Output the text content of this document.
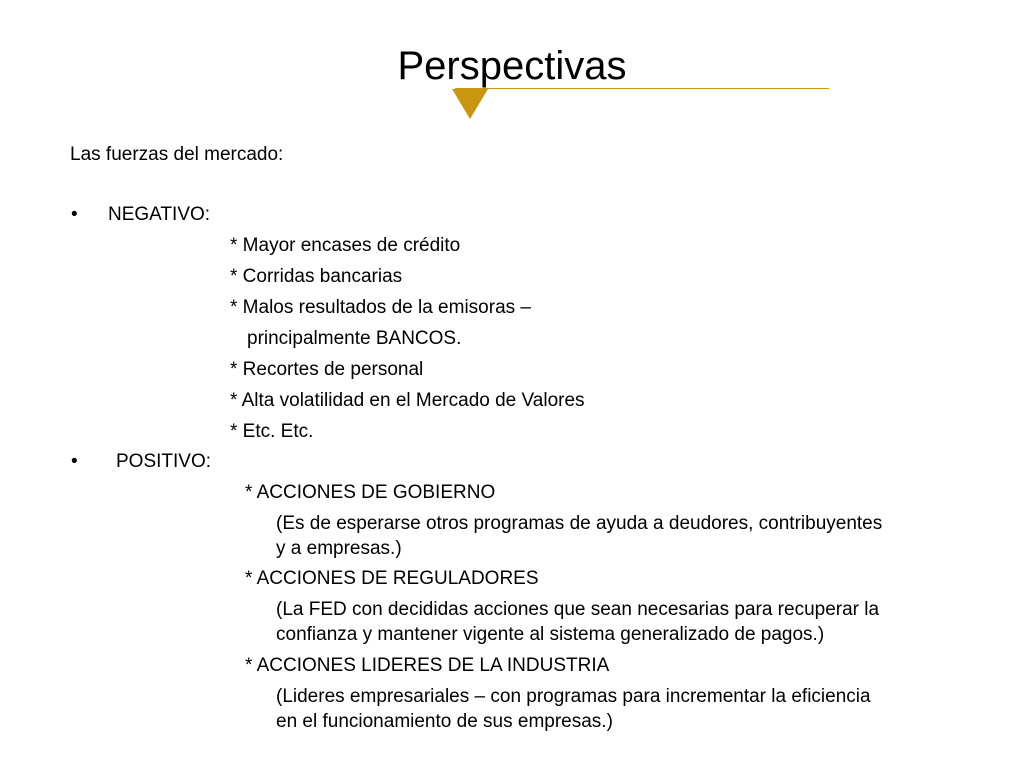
Perspectivas
Las fuerzas del mercado:
• NEGATIVO:
* Mayor encases de crédito
* Corridas bancarias
* Malos resultados de la emisoras –
principalmente BANCOS.
* Recortes de personal
* Alta volatilidad en el Mercado de Valores
* Etc. Etc.
• POSITIVO:
* ACCIONES DE GOBIERNO
(Es de esperarse otros programas de ayuda a deudores, contribuyentes
y a empresas.)
* ACCIONES DE REGULADORES
(La FED con decididas acciones que sean necesarias para recuperar la
confianza y mantener vigente al sistema generalizado de pagos.)
* ACCIONES LIDERES DE LA INDUSTRIA
(Lideres empresariales – con programas para incrementar la eficiencia
en el funcionamiento de sus empresas.)
